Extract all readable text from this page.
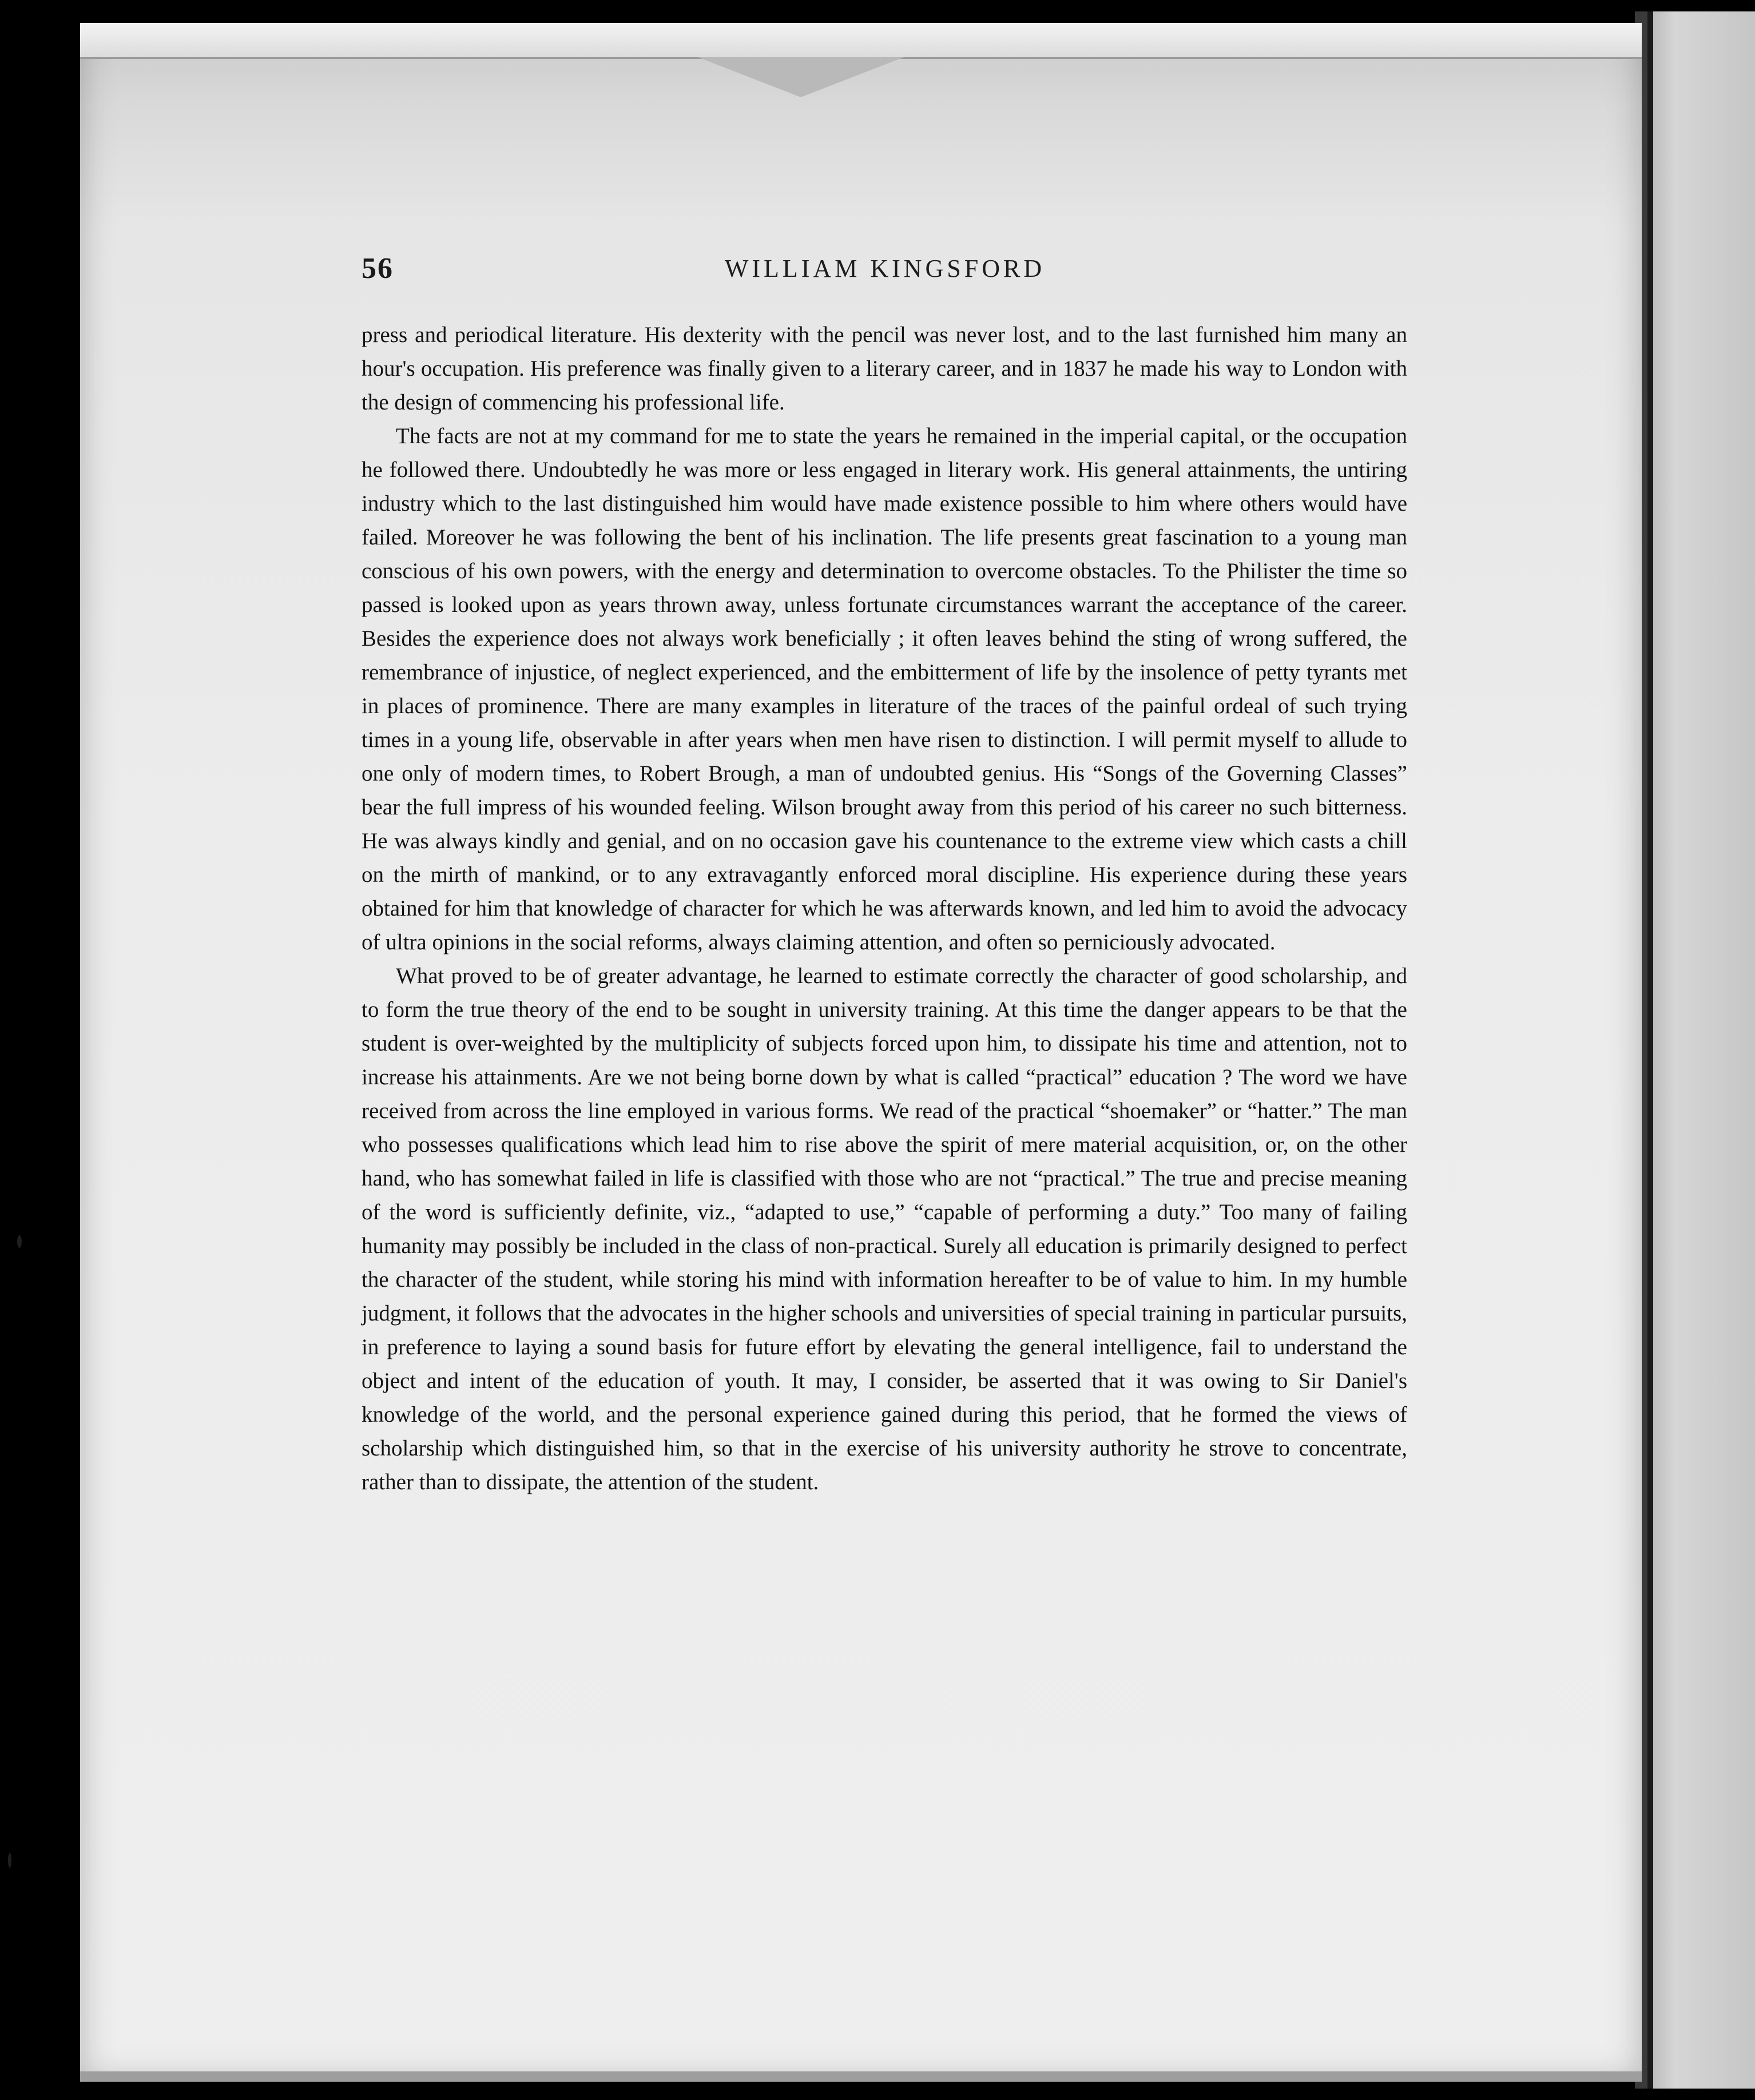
56	WILLIAM KINGSFORD

press and periodical literature. His dexterity with the pencil was never lost, and to the last furnished him many an hour's occupation. His preference was finally given to a literary career, and in 1837 he made his way to London with the design of commencing his professional life.

The facts are not at my command for me to state the years he remained in the imperial capital, or the occupation he followed there. Undoubtedly he was more or less engaged in literary work. His general attainments, the untiring industry which to the last distinguished him would have made existence possible to him where others would have failed. Moreover he was following the bent of his inclination. The life presents great fascination to a young man conscious of his own powers, with the energy and determination to overcome obstacles. To the Philister the time so passed is looked upon as years thrown away, unless fortunate circumstances warrant the acceptance of the career. Besides the experience does not always work beneficially ; it often leaves behind the sting of wrong suffered, the remembrance of injustice, of neglect experienced, and the embitterment of life by the insolence of petty tyrants met in places of prominence. There are many examples in literature of the traces of the painful ordeal of such trying times in a young life, observable in after years when men have risen to distinction. I will permit myself to allude to one only of modern times, to Robert Brough, a man of undoubted genius. His “Songs of the Governing Classes” bear the full impress of his wounded feeling. Wilson brought away from this period of his career no such bitterness. He was always kindly and genial, and on no occasion gave his countenance to the extreme view which casts a chill on the mirth of mankind, or to any extravagantly enforced moral discipline. His experience during these years obtained for him that knowledge of character for which he was afterwards known, and led him to avoid the advocacy of ultra opinions in the social reforms, always claiming attention, and often so perniciously advocated.

What proved to be of greater advantage, he learned to estimate correctly the character of good scholarship, and to form the true theory of the end to be sought in university training. At this time the danger appears to be that the student is over-weighted by the multiplicity of subjects forced upon him, to dissipate his time and attention, not to increase his attainments. Are we not being borne down by what is called “practical” education ? The word we have received from across the line employed in various forms. We read of the practical “shoemaker” or “hatter.” The man who possesses qualifications which lead him to rise above the spirit of mere material acquisition, or, on the other hand, who has somewhat failed in life is classified with those who are not “practical.” The true and precise meaning of the word is sufficiently definite, viz., “adapted to use,” “capable of performing a duty.” Too many of failing humanity may possibly be included in the class of non-practical. Surely all education is primarily designed to perfect the character of the student, while storing his mind with information hereafter to be of value to him. In my humble judgment, it follows that the advocates in the higher schools and universities of special training in particular pursuits, in preference to laying a sound basis for future effort by elevating the general intelligence, fail to understand the object and intent of the education of youth. It may, I consider, be asserted that it was owing to Sir Daniel's knowledge of the world, and the personal experience gained during this period, that he formed the views of scholarship which distinguished him, so that in the exercise of his university authority he strove to concentrate, rather than to dissipate, the attention of the student.
